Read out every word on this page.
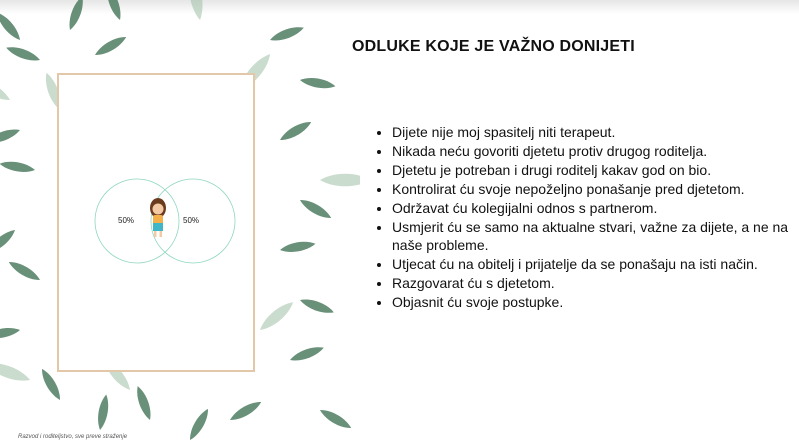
50%	50%
ODLUKE KOJE JE VAŽNO DONIJETI
• Dijete nije moj spasitelj niti terapeut.
• Nikada neću govoriti djetetu protiv drugog roditelja.
• Djetetu je potreban i drugi roditelj kakav god on bio.
• Kontrolirat ću svoje nepoželjno ponašanje pred djetetom.
• Održavat ću kolegijalni odnos s partnerom.
• Usmjerit ću se samo na aktualne stvari, važne za dijete, a ne na naše probleme.
• Utjecat ću na obitelj i prijatelje da se ponašaju na isti način.
• Razgovarat ću s djetetom.
• Objasnit ću svoje postupke.
Razvod i roditeljstvo, sve preve straženje
